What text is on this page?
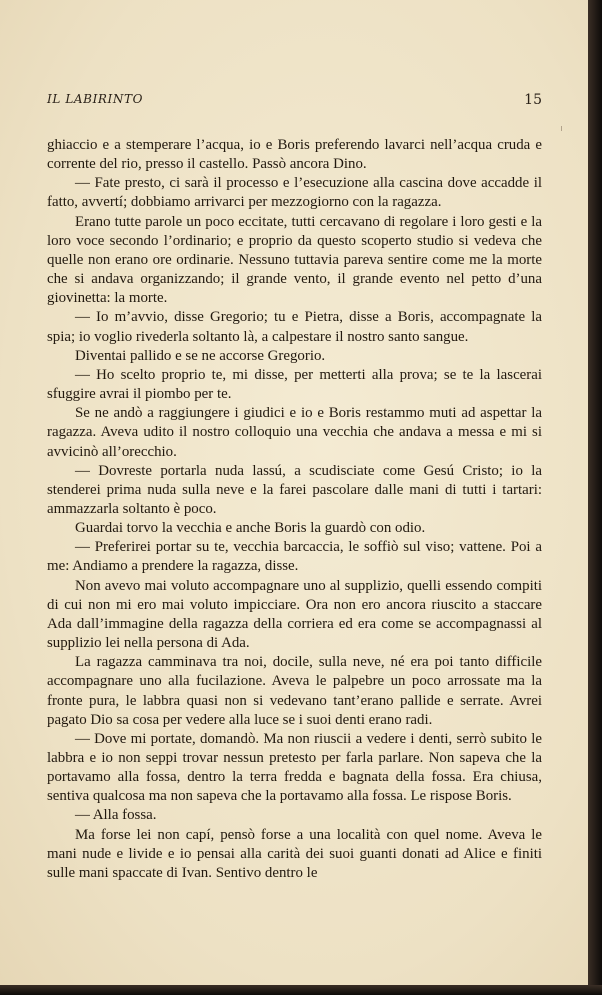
IL LABIRINTO	15

ghiaccio e a stemperare l’acqua, io e Boris preferendo lavarci nell’acqua cruda e corrente del rio, presso il castello. Passò ancora Dino.

— Fate presto, ci sarà il processo e l’esecuzione alla cascina dove accadde il fatto, avvertí; dobbiamo arrivarci per mezzogiorno con la ragazza.

Erano tutte parole un poco eccitate, tutti cercavano di regolare i loro gesti e la loro voce secondo l’ordinario; e proprio da questo scoperto studio si vedeva che quelle non erano ore ordinarie. Nessuno tuttavia pareva sentire come me la morte che si andava organizzando; il grande vento, il grande evento nel petto d’una giovinetta: la morte.

— Io m’avvio, disse Gregorio; tu e Pietra, disse a Boris, accompagnate la spia; io voglio rivederla soltanto là, a calpestare il nostro santo sangue.

Diventai pallido e se ne accorse Gregorio.

— Ho scelto proprio te, mi disse, per metterti alla prova; se te la lascerai sfuggire avrai il piombo per te.

Se ne andò a raggiungere i giudici e io e Boris restammo muti ad aspettar la ragazza. Aveva udito il nostro colloquio una vecchia che andava a messa e mi si avvicinò all’orecchio.

— Dovreste portarla nuda lassú, a scudisciate come Gesú Cristo; io la stenderei prima nuda sulla neve e la farei pascolare dalle mani di tutti i tartari: ammazzarla soltanto è poco.

Guardai torvo la vecchia e anche Boris la guardò con odio.

— Preferirei portar su te, vecchia barcaccia, le soffiò sul viso; vattene. Poi a me: Andiamo a prendere la ragazza, disse.

Non avevo mai voluto accompagnare uno al supplizio, quelli essendo compiti di cui non mi ero mai voluto impicciare. Ora non ero ancora riuscito a staccare Ada dall’immagine della ragazza della corriera ed era come se accompagnassi al supplizio lei nella persona di Ada.

La ragazza camminava tra noi, docile, sulla neve, né era poi tanto difficile accompagnare uno alla fucilazione. Aveva le palpebre un poco arrossate ma la fronte pura, le labbra quasi non si vedevano tant’erano pallide e serrate. Avrei pagato Dio sa cosa per vedere alla luce se i suoi denti erano radi.

— Dove mi portate, domandò. Ma non riuscii a vedere i denti, serrò subito le labbra e io non seppi trovar nessun pretesto per farla parlare. Non sapeva che la portavamo alla fossa, dentro la terra fredda e bagnata della fossa. Era chiusa, sentiva qualcosa ma non sapeva che la portavamo alla fossa. Le rispose Boris.

— Alla fossa.

Ma forse lei non capí, pensò forse a una località con quel nome. Aveva le mani nude e livide e io pensai alla carità dei suoi guanti donati ad Alice e finiti sulle mani spaccate di Ivan. Sentivo dentro le
